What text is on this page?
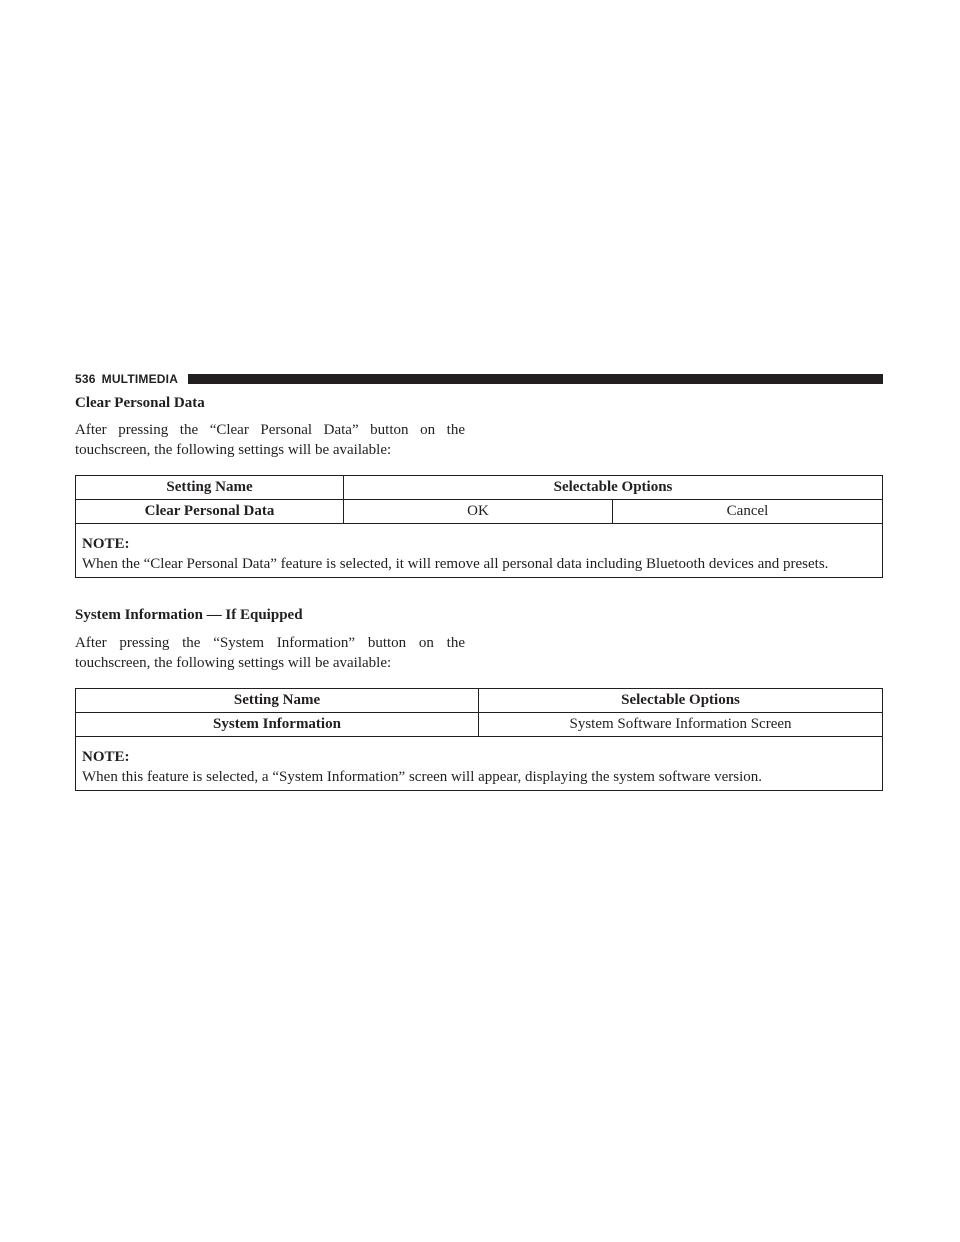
536 MULTIMEDIA
Clear Personal Data

After pressing the “Clear Personal Data” button on the
touchscreen, the following settings will be available:

Setting Name	Selectable Options	
Clear Personal Data	OK	Cancel

NOTE:
When the “Clear Personal Data” feature is selected, it will remove all personal data including Bluetooth devices and presets.		
System Information — If Equipped

After pressing the “System Information” button on the
touchscreen, the following settings will be available:

Setting Name	Selectable Options
System Information	System Software Information Screen

NOTE:
When this feature is selected, a “System Information” screen will appear, displaying the system software version.	
